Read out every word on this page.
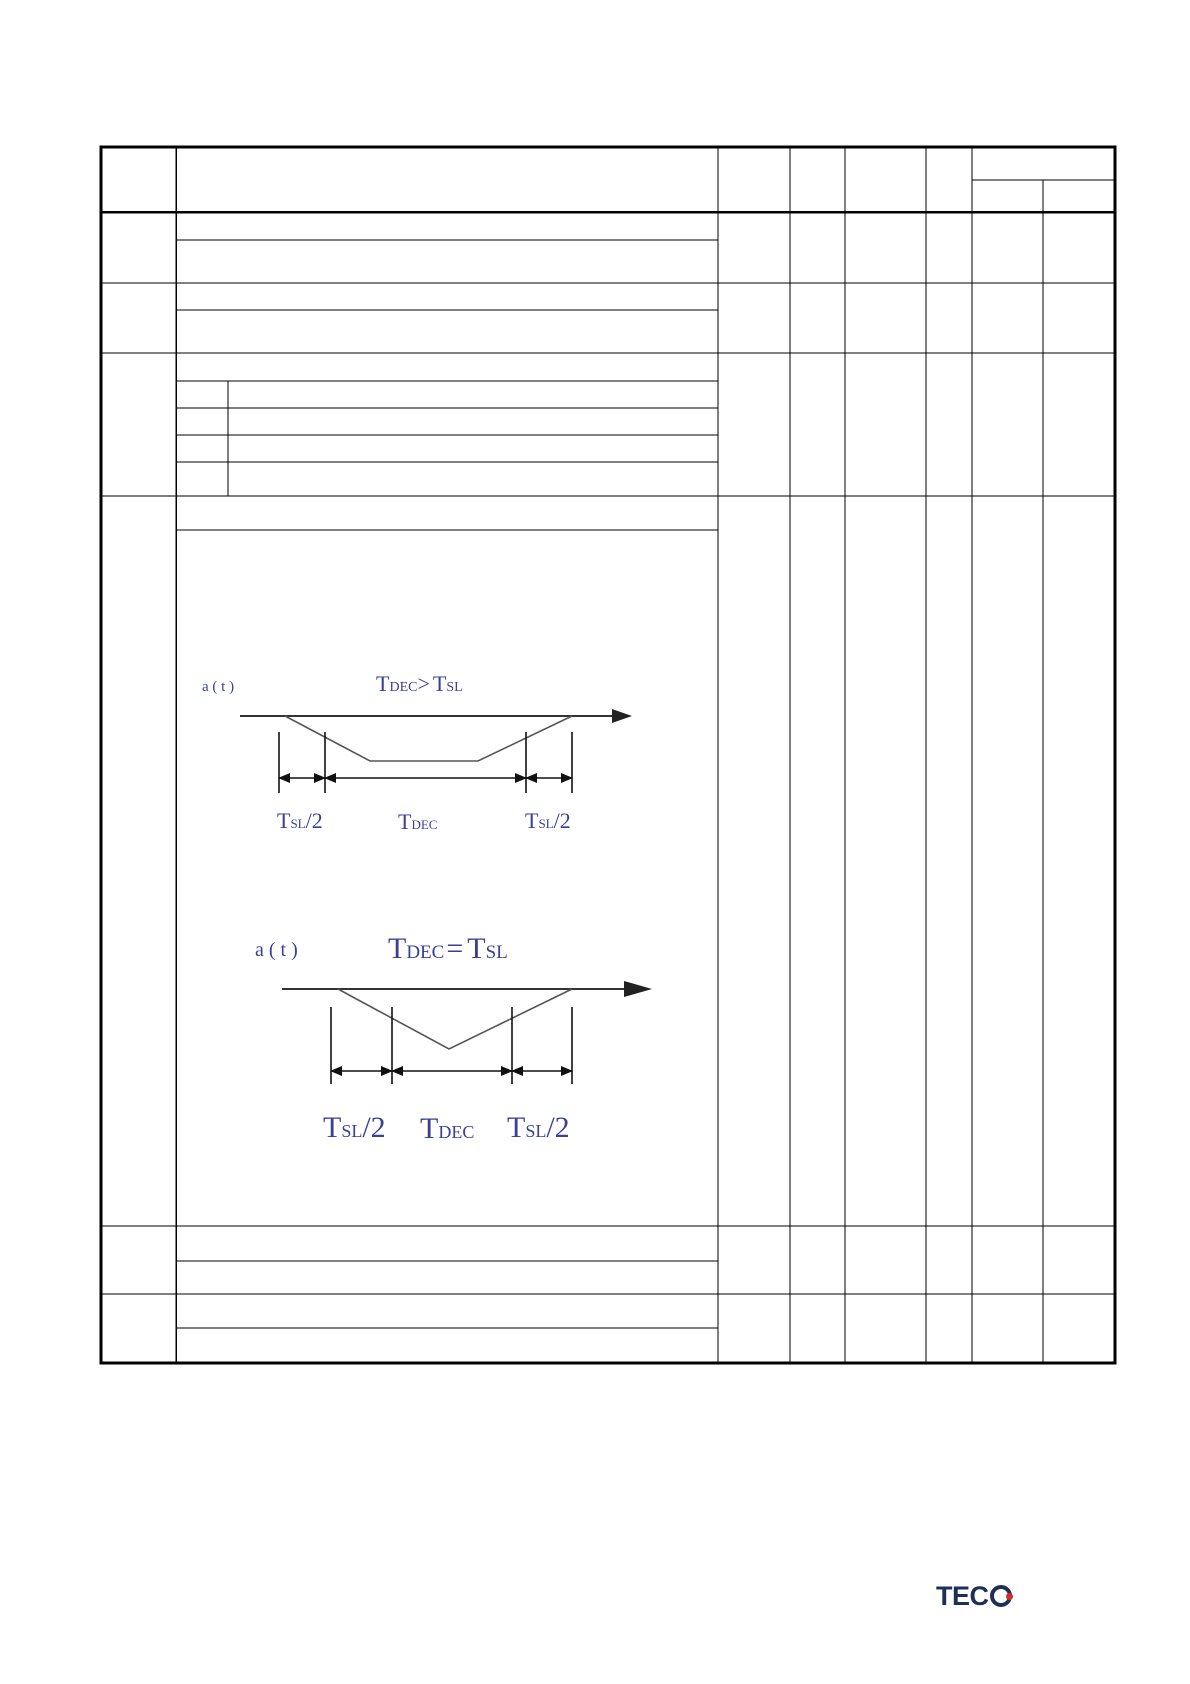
a ( t )	TDEC> TSL
TSL/2	TDEC	TSL/2
a ( t )	TDEC= TSL
TSL/2 TDEC TSL/2
TEC
